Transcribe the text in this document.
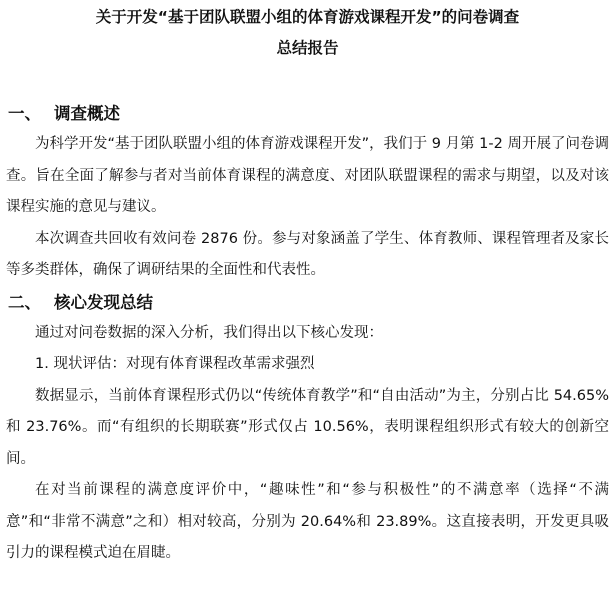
关于开发“基于团队联盟小组的体育游戏课程开发”的问卷调查

总结报告

一、 调查概述

为科学开发“基于团队联盟小组的体育游戏课程开发”，我们于 9 月第 1-2 周开展了问卷调查。旨在全面了解参与者对当前体育课程的满意度、对团队联盟课程的需求与期望，以及对该课程实施的意见与建议。

本次调查共回收有效问卷 2876 份。参与对象涵盖了学生、体育教师、课程管理者及家长等多类群体，确保了调研结果的全面性和代表性。

二、 核心发现总结

通过对问卷数据的深入分析，我们得出以下核心发现：

1. 现状评估：对现有体育课程改革需求强烈

数据显示，当前体育课程形式仍以“传统体育教学”和“自由活动”为主，分别占比 54.65%和 23.76%。而“有组织的长期联赛”形式仅占 10.56%，表明课程组织形式有较大的创新空间。

在对当前课程的满意度评价中，“趣味性”和“参与积极性”的不满意率（选择“不满意”和“非常不满意”之和）相对较高，分别为 20.64%和 23.89%。这直接表明，开发更具吸引力的课程模式迫在眉睫。
